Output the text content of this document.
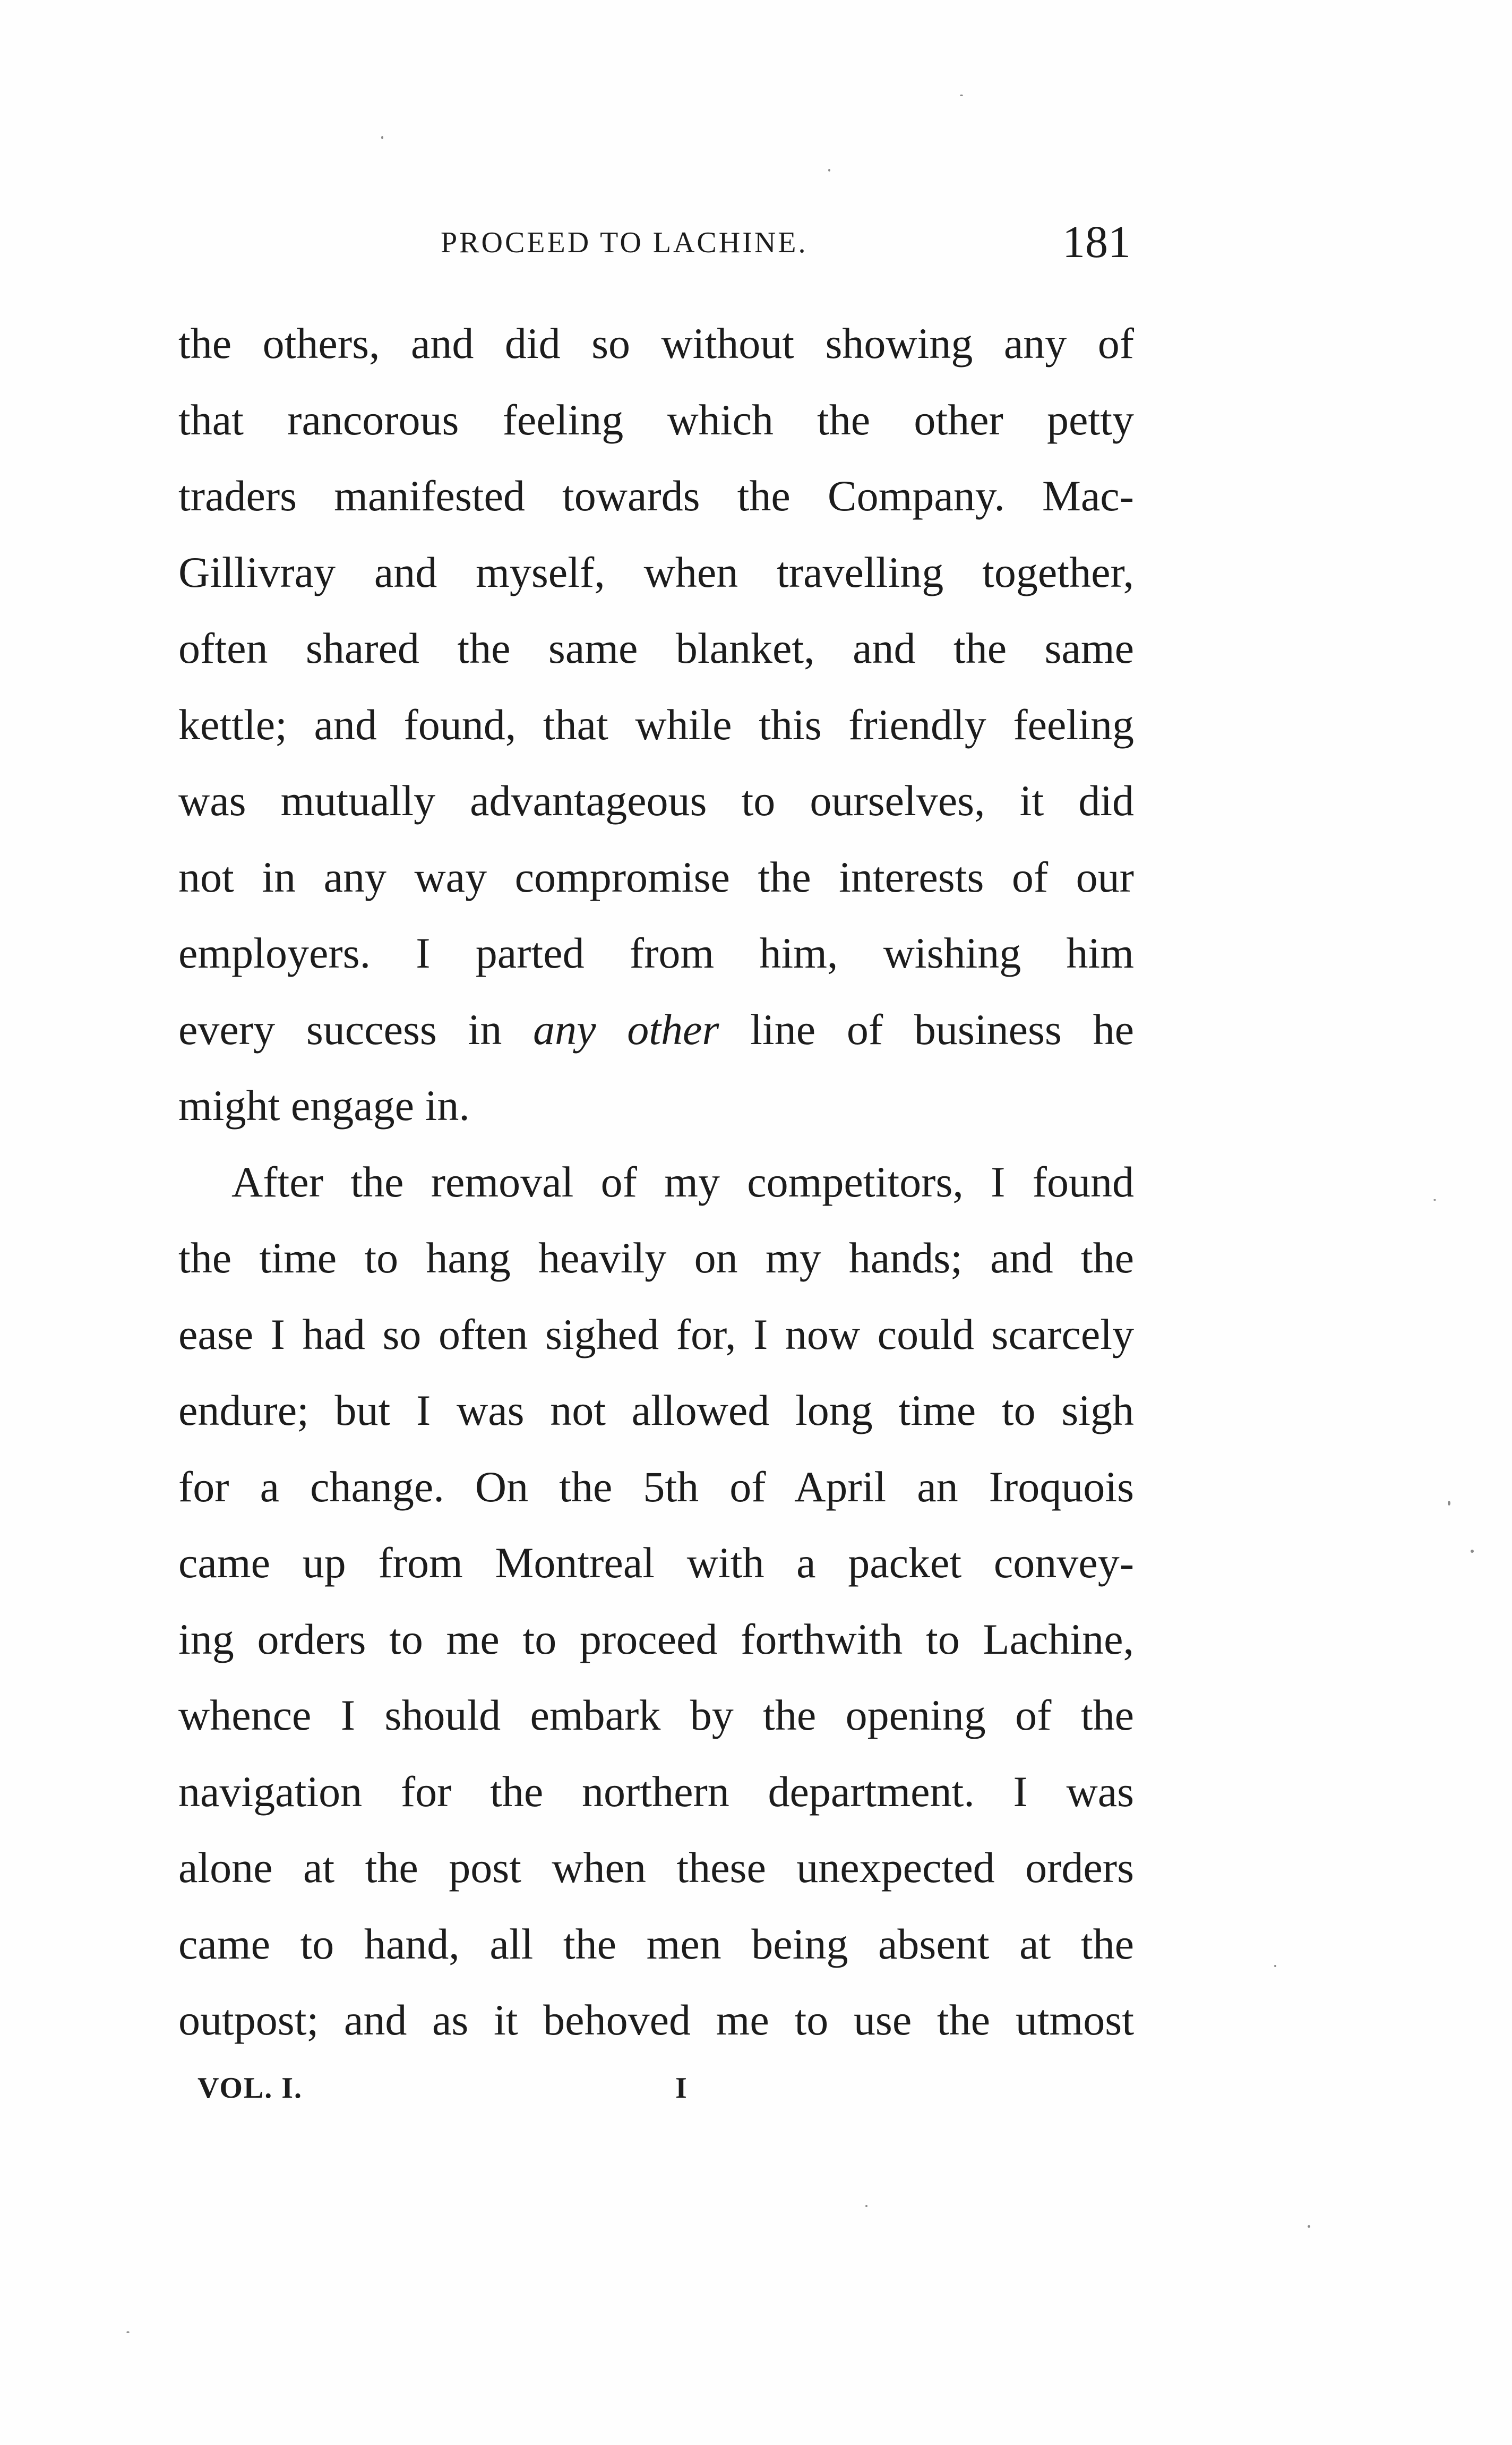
PROCEED TO LACHINE.	181
the others, and did so without showing any of
that rancorous feeling which the other petty
traders manifested towards the Company. Mac-
Gillivray and myself, when travelling together,
often shared the same blanket, and the same
kettle; and found, that while this friendly feeling
was mutually advantageous to ourselves, it did
not in any way compromise the interests of our
employers. I parted from him, wishing him
every success in any other line of business he
might engage in.
After the removal of my competitors, I found
the time to hang heavily on my hands; and the
ease I had so often sighed for, I now could scarcely
endure; but I was not allowed long time to sigh
for a change. On the 5th of April an Iroquois
came up from Montreal with a packet convey-
ing orders to me to proceed forthwith to Lachine,
whence I should embark by the opening of the
navigation for the northern department. I was
alone at the post when these unexpected orders
came to hand, all the men being absent at the
outpost; and as it behoved me to use the utmost
VOL. I.	I
